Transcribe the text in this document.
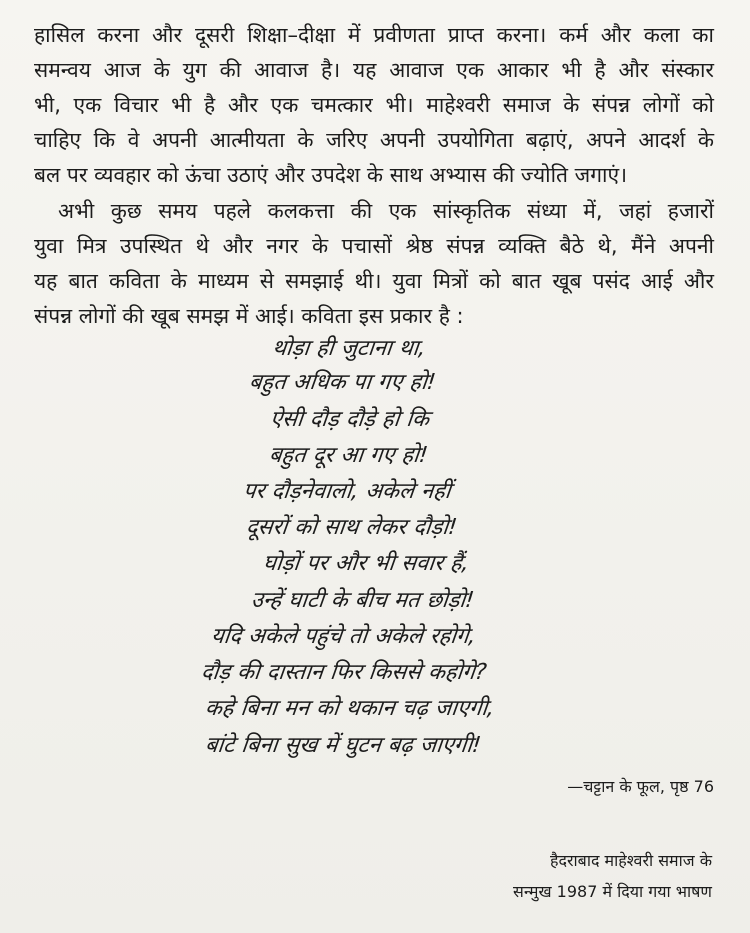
हासिल करना और दूसरी शिक्षा–दीक्षा में प्रवीणता प्राप्त करना। कर्म और कला का
समन्वय आज के युग की आवाज है। यह आवाज एक आकार भी है और संस्कार
भी, एक विचार भी है और एक चमत्कार भी। माहेश्वरी समाज के संपन्न लोगों को
चाहिए कि वे अपनी आत्मीयता के जरिए अपनी उपयोगिता बढ़ाएं, अपने आदर्श के
बल पर व्यवहार को ऊंचा उठाएं और उपदेश के साथ अभ्यास की ज्योति जगाएं।
अभी कुछ समय पहले कलकत्ता की एक सांस्कृतिक संध्या में, जहां हजारों
युवा मित्र उपस्थित थे और नगर के पचासों श्रेष्ठ संपन्न व्यक्ति बैठे थे, मैंने अपनी
यह बात कविता के माध्यम से समझाई थी। युवा मित्रों को बात खूब पसंद आई और
संपन्न लोगों की खूब समझ में आई। कविता इस प्रकार है :
थोड़ा ही जुटाना था,
बहुत अधिक पा गए हो!
ऐसी दौड़ दौड़े हो कि
बहुत दूर आ गए हो!
पर दौड़नेवालो, अकेले नहीं
दूसरों को साथ लेकर दौड़ो!
घोड़ों पर और भी सवार हैं,
उन्हें घाटी के बीच मत छोड़ो!
यदि अकेले पहुंचे तो अकेले रहोगे,
दौड़ की दास्तान फिर किससे कहोगे?
कहे बिना मन को थकान चढ़ जाएगी,
बांटे बिना सुख में घुटन बढ़ जाएगी!
—चट्टान के फूल, पृष्ठ 76
हैदराबाद माहेश्वरी समाज के
सन्मुख 1987 में दिया गया भाषण
